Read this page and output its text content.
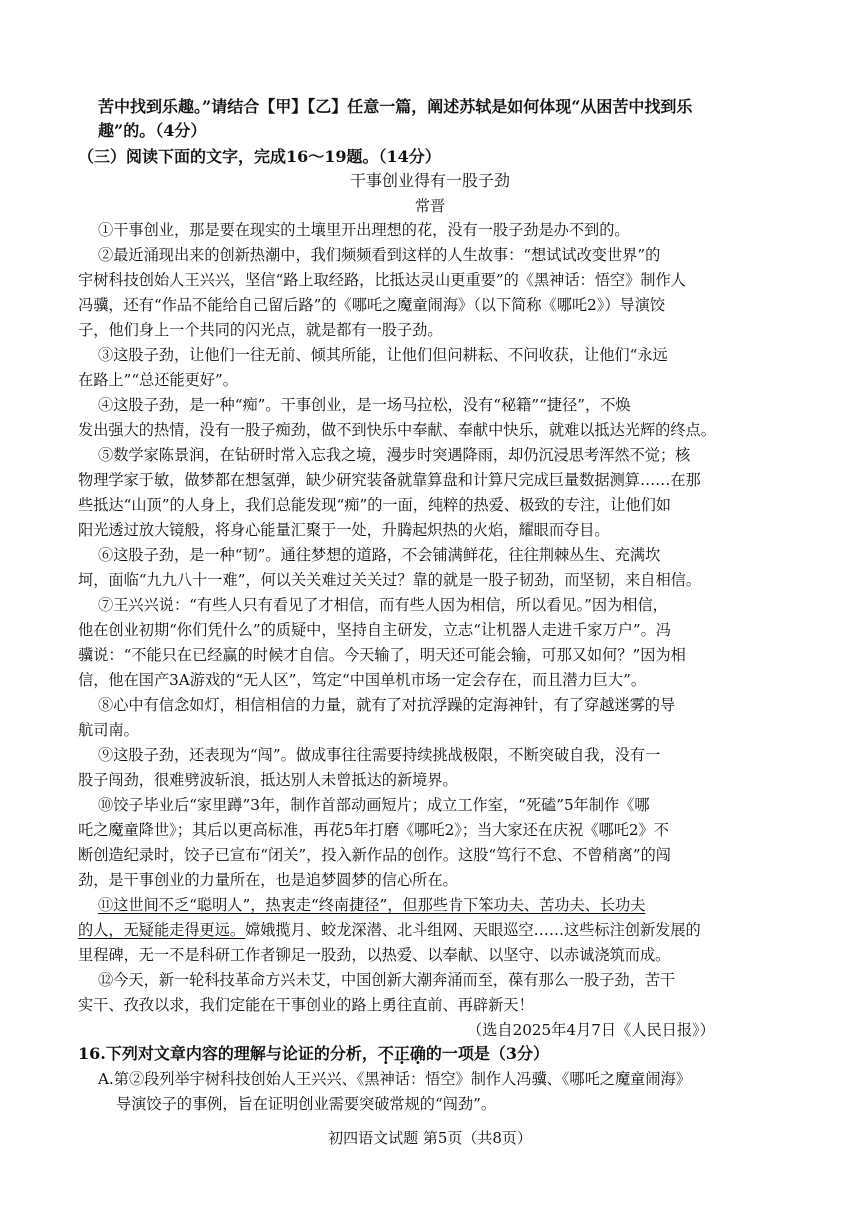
苦中找到乐趣。”请结合【甲】【乙】任意一篇，阐述苏轼是如何体现“从困苦中找到乐
趣”的。（4分）
（三）阅读下面的文字，完成16～19题。（14分）
干事创业得有一股子劲
常晋
①干事创业，那是要在现实的土壤里开出理想的花，没有一股子劲是办不到的。
②最近涌现出来的创新热潮中，我们频频看到这样的人生故事：“想试试改变世界”的
宇树科技创始人王兴兴，坚信“路上取经路，比抵达灵山更重要”的《黑神话：悟空》制作人
冯骥，还有“作品不能给自己留后路”的《哪吒之魔童闹海》（以下简称《哪吒2》）导演饺
子，他们身上一个共同的闪光点，就是都有一股子劲。
③这股子劲，让他们一往无前、倾其所能，让他们但问耕耘、不问收获，让他们“永远
在路上”“总还能更好”。
④这股子劲，是一种“痴”。干事创业，是一场马拉松，没有“秘籍”“捷径”，不焕
发出强大的热情，没有一股子痴劲，做不到快乐中奉献、奉献中快乐，就难以抵达光辉的终点。
⑤数学家陈景润，在钻研时常入忘我之境，漫步时突遇降雨，却仍沉浸思考浑然不觉；核
物理学家于敏，做梦都在想氢弹，缺少研究装备就靠算盘和计算尺完成巨量数据测算……在那
些抵达“山顶”的人身上，我们总能发现“痴”的一面，纯粹的热爱、极致的专注，让他们如
阳光透过放大镜般，将身心能量汇聚于一处，升腾起炽热的火焰，耀眼而夺目。
⑥这股子劲，是一种“韧”。通往梦想的道路，不会铺满鲜花，往往荆棘丛生、充满坎
坷，面临“九九八十一难”，何以关关难过关关过？靠的就是一股子韧劲，而坚韧，来自相信。
⑦王兴兴说：“有些人只有看见了才相信，而有些人因为相信，所以看见。”因为相信，
他在创业初期“你们凭什么”的质疑中，坚持自主研发，立志“让机器人走进千家万户”。冯
骥说：“不能只在已经赢的时候才自信。今天输了，明天还可能会输，可那又如何？”因为相
信，他在国产3A游戏的“无人区”，笃定“中国单机市场一定会存在，而且潜力巨大”。
⑧心中有信念如灯，相信相信的力量，就有了对抗浮躁的定海神针，有了穿越迷雾的导
航司南。
⑨这股子劲，还表现为“闯”。做成事往往需要持续挑战极限，不断突破自我，没有一
股子闯劲，很难劈波斩浪，抵达别人未曾抵达的新境界。
⑩饺子毕业后“家里蹲”3年，制作首部动画短片；成立工作室，“死磕”5年制作《哪
吒之魔童降世》；其后以更高标准，再花5年打磨《哪吒2》；当大家还在庆祝《哪吒2》不
断创造纪录时，饺子已宣布“闭关”，投入新作品的创作。这股“笃行不怠、不曾稍离”的闯
劲，是干事创业的力量所在，也是追梦圆梦的信心所在。
⑪这世间不乏“聪明人”，热衷走“终南捷径”，但那些肯下笨功夫、苦功夫、长功夫
的人，无疑能走得更远。嫦娥揽月、蛟龙深潜、北斗组网、天眼巡空……这些标注创新发展的
里程碑，无一不是科研工作者铆足一股劲，以热爱、以奉献、以坚守、以赤诚浇筑而成。
⑫今天，新一轮科技革命方兴未艾，中国创新大潮奔涌而至，葆有那么一股子劲，苦干
实干、孜孜以求，我们定能在干事创业的路上勇往直前、再辟新天！
（选自2025年4月7日《人民日报》）
16.下列对文章内容的理解与论证的分析，不正确的一项是（3分）
A.第②段列举宇树科技创始人王兴兴、《黑神话：悟空》制作人冯骥、《哪吒之魔童闹海》
导演饺子的事例，旨在证明创业需要突破常规的“闯劲”。
初四语文试题 第5页（共8页）
